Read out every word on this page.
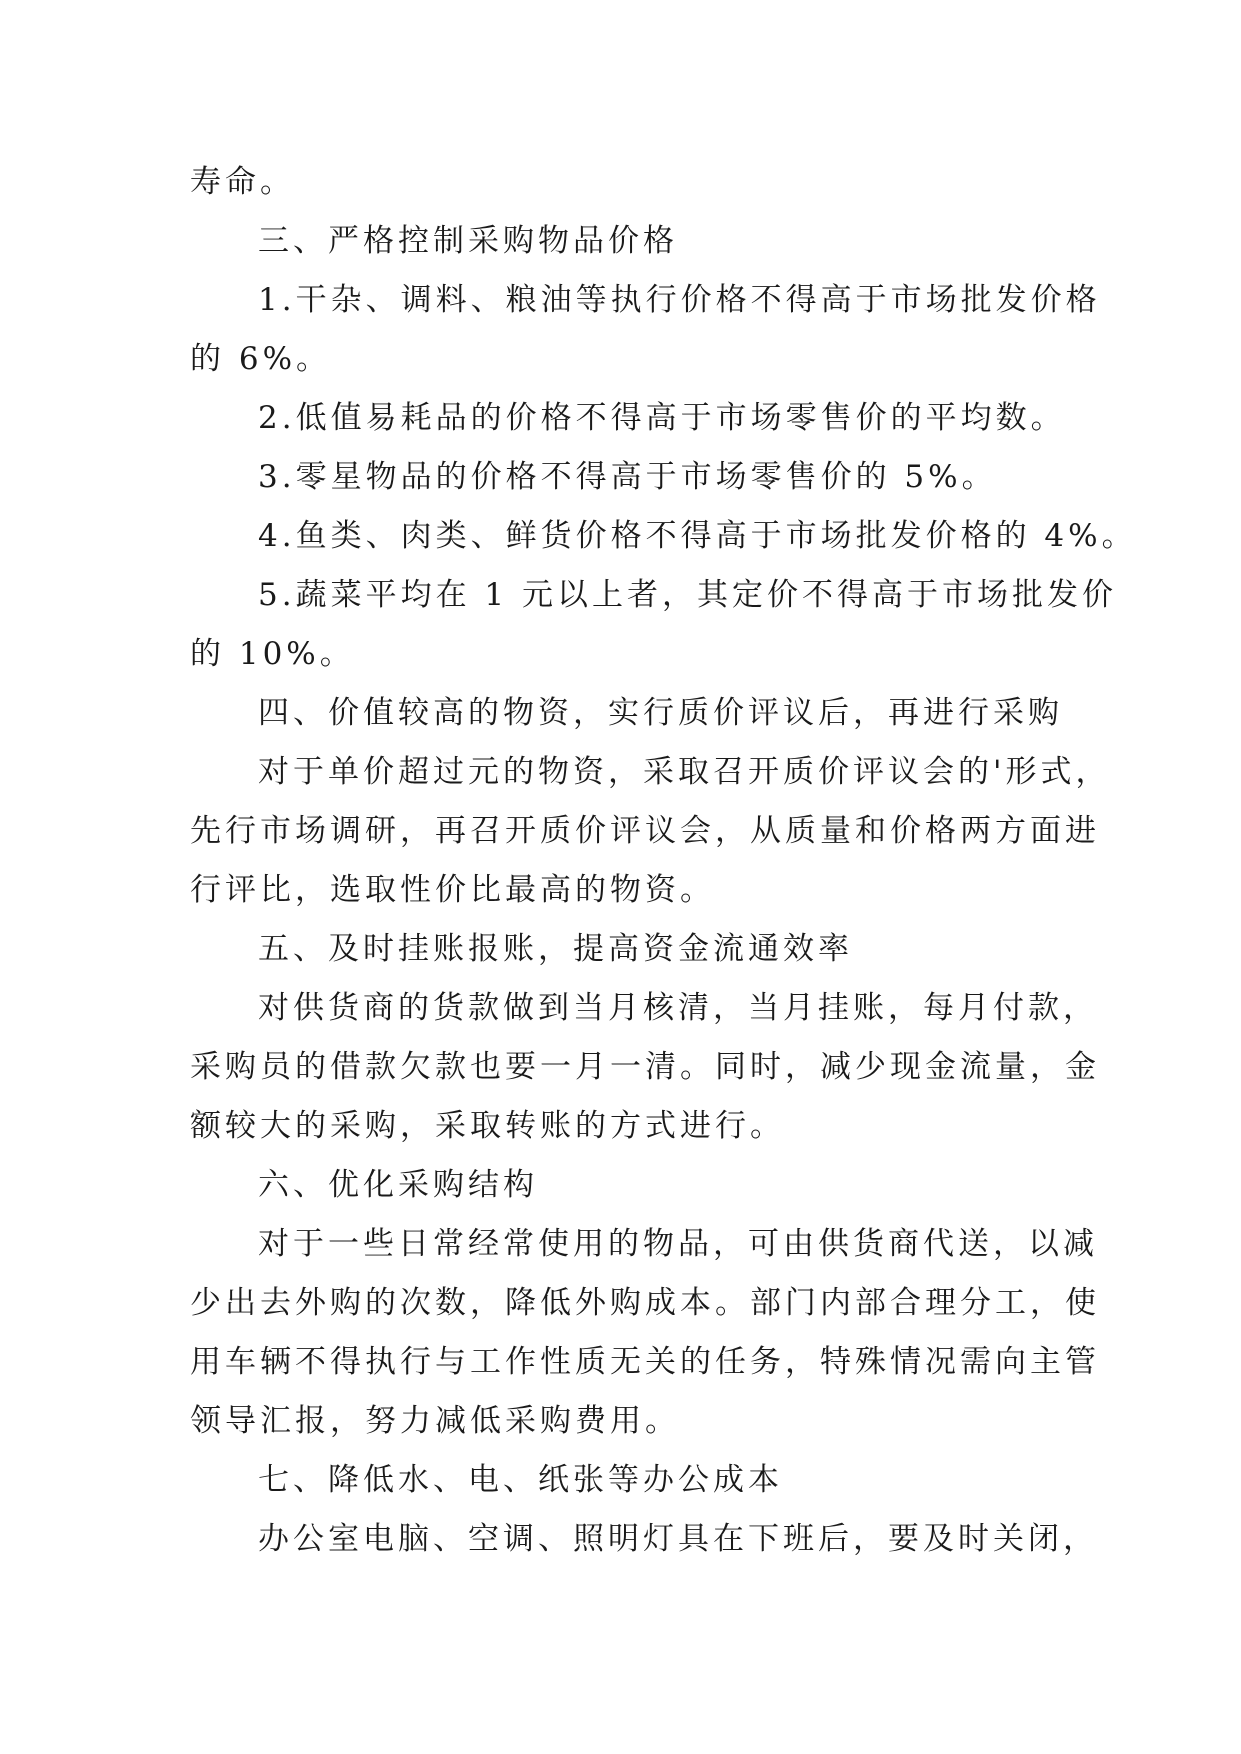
寿命。
三、严格控制采购物品价格
1.干杂、调料、粮油等执行价格不得高于市场批发价格
的 6%。
2.低值易耗品的价格不得高于市场零售价的平均数。
3.零星物品的价格不得高于市场零售价的 5%。
4.鱼类、肉类、鲜货价格不得高于市场批发价格的 4%。
5.蔬菜平均在 1 元以上者，其定价不得高于市场批发价
的 10%。
四、价值较高的物资，实行质价评议后，再进行采购
对于单价超过元的物资，采取召开质价评议会的'形式，
先行市场调研，再召开质价评议会，从质量和价格两方面进
行评比，选取性价比最高的物资。
五、及时挂账报账，提高资金流通效率
对供货商的货款做到当月核清，当月挂账，每月付款，
采购员的借款欠款也要一月一清。同时，减少现金流量，金
额较大的采购，采取转账的方式进行。
六、优化采购结构
对于一些日常经常使用的物品，可由供货商代送，以减
少出去外购的次数，降低外购成本。部门内部合理分工，使
用车辆不得执行与工作性质无关的任务，特殊情况需向主管
领导汇报，努力减低采购费用。
七、降低水、电、纸张等办公成本
办公室电脑、空调、照明灯具在下班后，要及时关闭，
